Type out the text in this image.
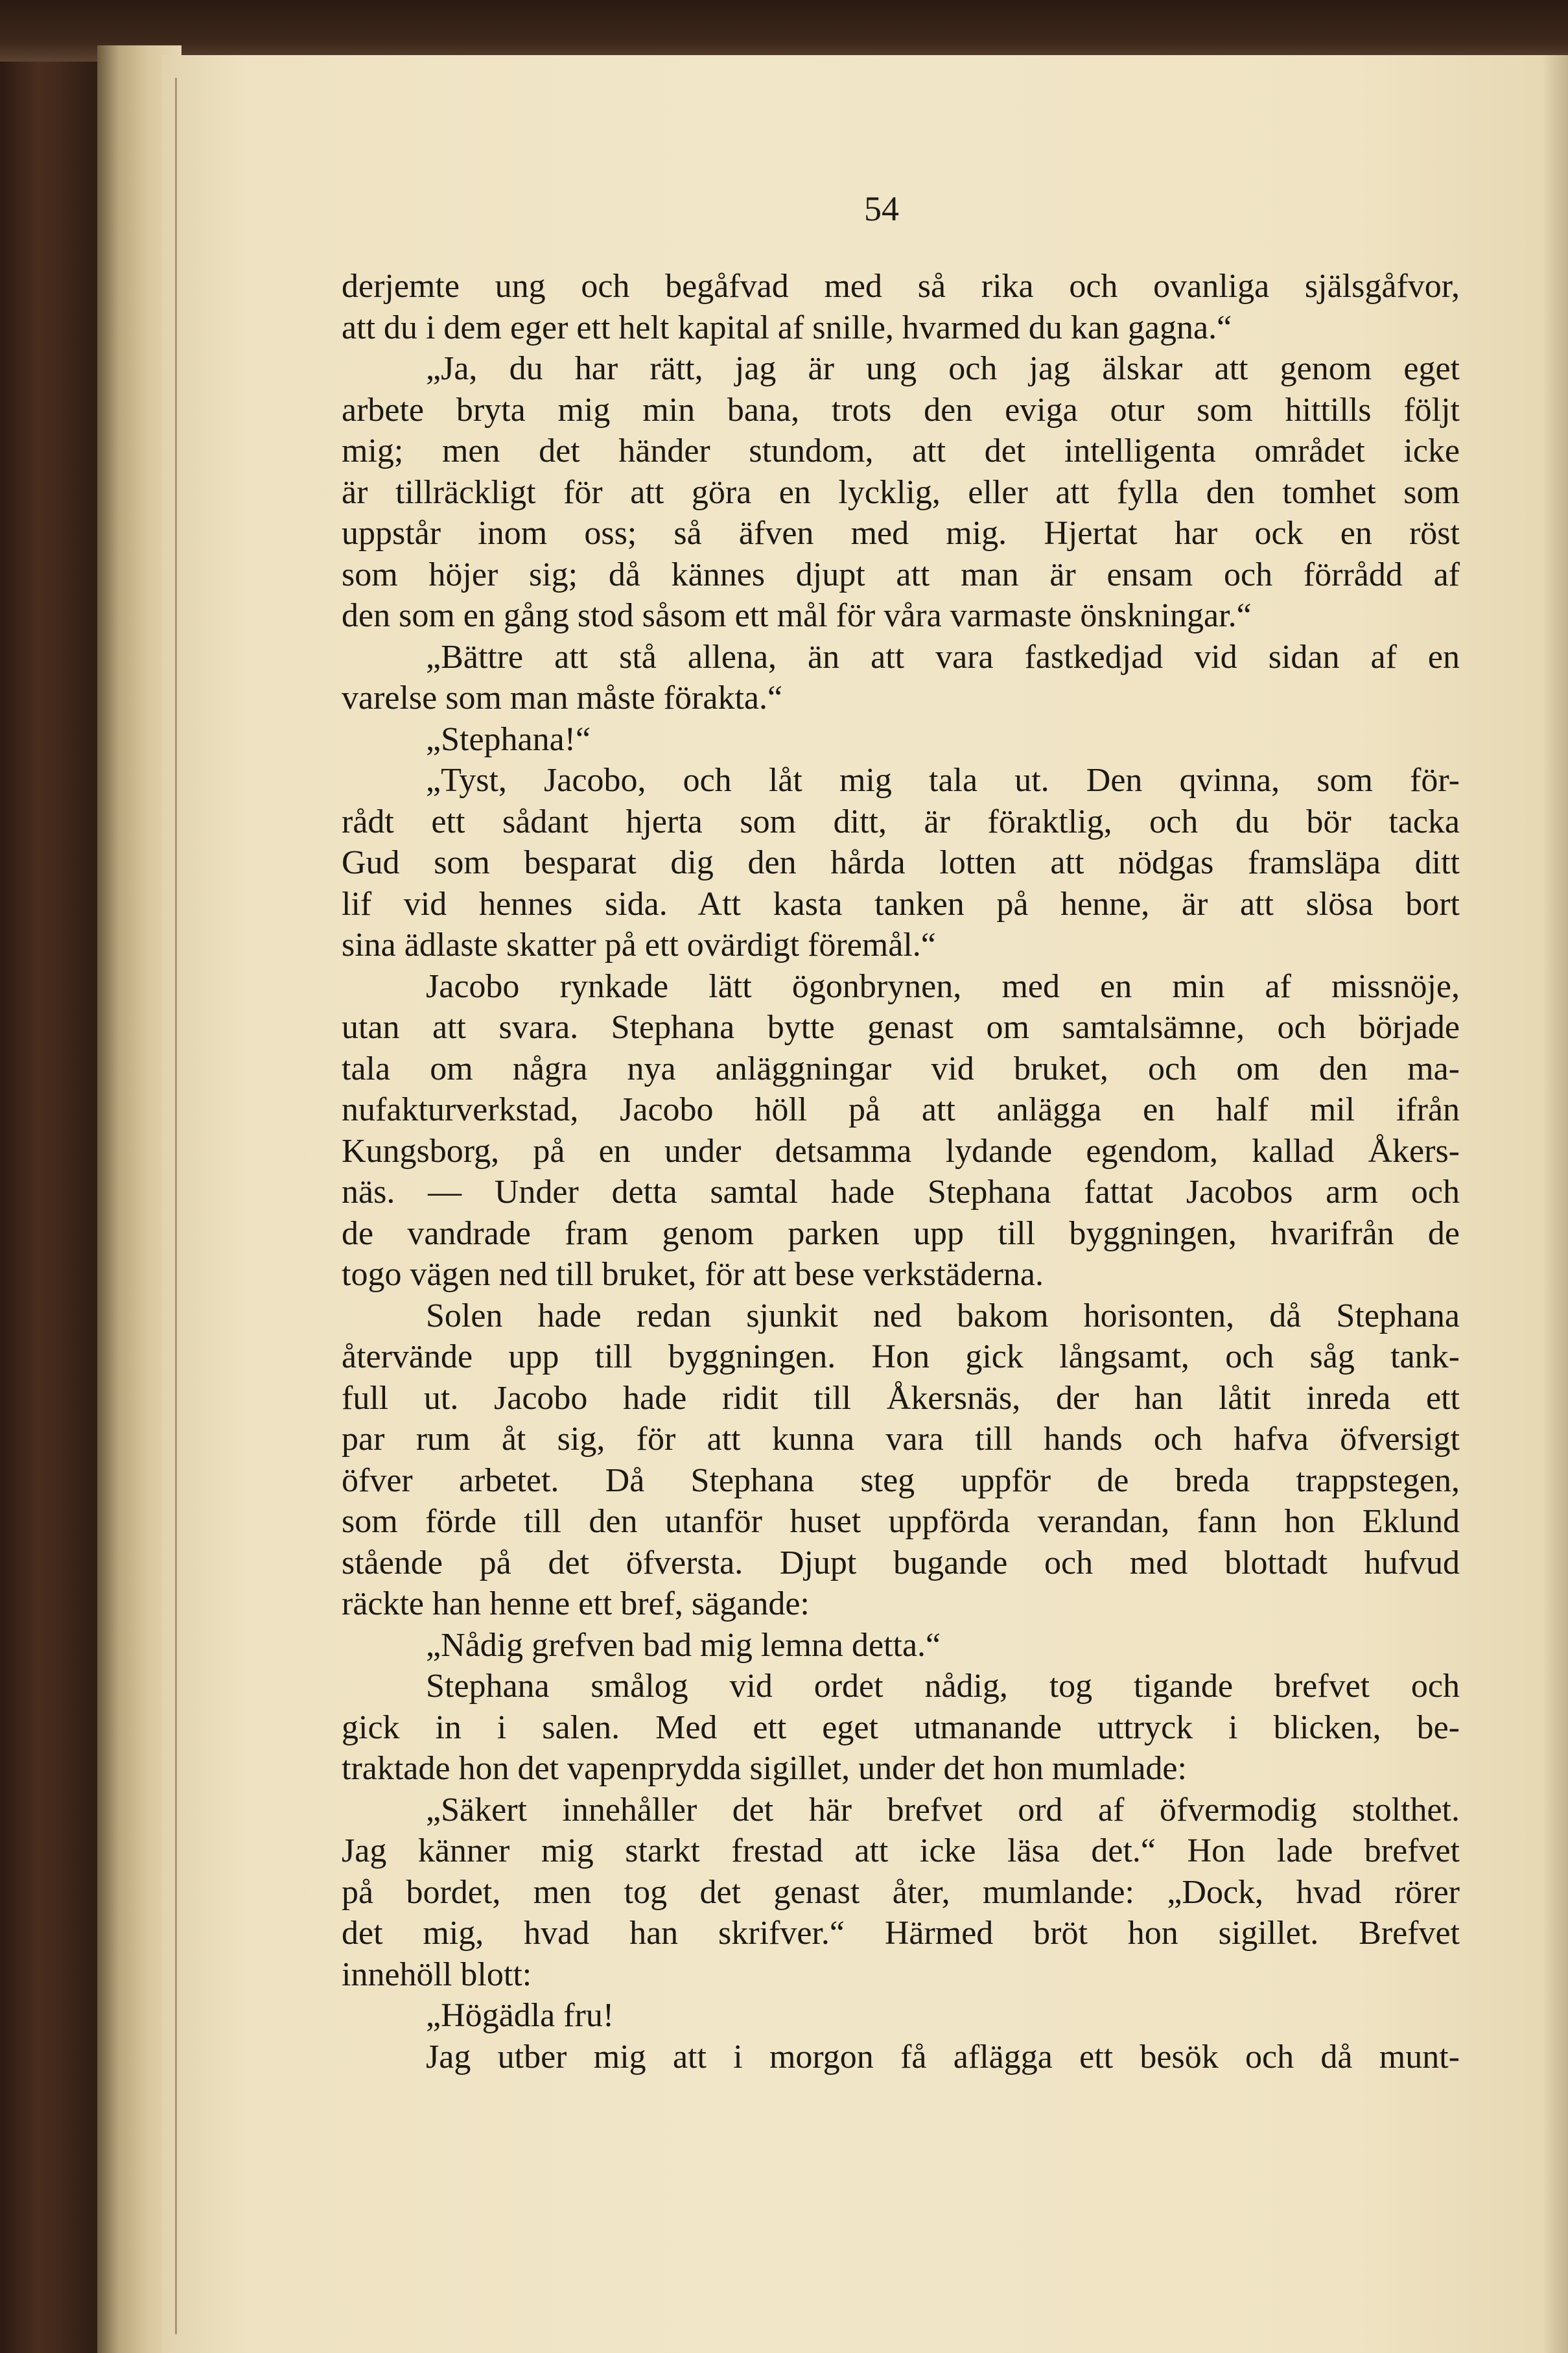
54
derjemte ung och begåfvad med så rika och ovanliga själsgåfvor,
att du i dem eger ett helt kapital af snille, hvarmed du kan gagna.“
„Ja, du har rätt, jag är ung och jag älskar att genom eget
arbete bryta mig min bana, trots den eviga otur som hittills följt
mig; men det händer stundom, att det intelligenta området icke
är tillräckligt för att göra en lycklig, eller att fylla den tomhet som
uppstår inom oss; så äfven med mig. Hjertat har ock en röst
som höjer sig; då kännes djupt att man är ensam och förrådd af
den som en gång stod såsom ett mål för våra varmaste önskningar.“
„Bättre att stå allena, än att vara fastkedjad vid sidan af en
varelse som man måste förakta.“
„Stephana!“
„Tyst, Jacobo, och låt mig tala ut. Den qvinna, som för-
rådt ett sådant hjerta som ditt, är föraktlig, och du bör tacka
Gud som besparat dig den hårda lotten att nödgas framsläpa ditt
lif vid hennes sida. Att kasta tanken på henne, är att slösa bort
sina ädlaste skatter på ett ovärdigt föremål.“
Jacobo rynkade lätt ögonbrynen, med en min af missnöje,
utan att svara. Stephana bytte genast om samtalsämne, och började
tala om några nya anläggningar vid bruket, och om den ma-
nufakturverkstad, Jacobo höll på att anlägga en half mil ifrån
Kungsborg, på en under detsamma lydande egendom, kallad Åkers-
näs. — Under detta samtal hade Stephana fattat Jacobos arm och
de vandrade fram genom parken upp till byggningen, hvarifrån de
togo vägen ned till bruket, för att bese verkstäderna.
Solen hade redan sjunkit ned bakom horisonten, då Stephana
återvände upp till byggningen. Hon gick långsamt, och såg tank-
full ut. Jacobo hade ridit till Åkersnäs, der han låtit inreda ett
par rum åt sig, för att kunna vara till hands och hafva öfversigt
öfver arbetet. Då Stephana steg uppför de breda trappstegen,
som förde till den utanför huset uppförda verandan, fann hon Eklund
stående på det öfversta. Djupt bugande och med blottadt hufvud
räckte han henne ett bref, sägande:
„Nådig grefven bad mig lemna detta.“
Stephana smålog vid ordet nådig, tog tigande brefvet och
gick in i salen. Med ett eget utmanande uttryck i blicken, be-
traktade hon det vapenprydda sigillet, under det hon mumlade:
„Säkert innehåller det här brefvet ord af öfvermodig stolthet.
Jag känner mig starkt frestad att icke läsa det.“ Hon lade brefvet
på bordet, men tog det genast åter, mumlande: „Dock, hvad rörer
det mig, hvad han skrifver.“ Härmed bröt hon sigillet. Brefvet
innehöll blott:
„Högädla fru!
Jag utber mig att i morgon få aflägga ett besök och då munt-
